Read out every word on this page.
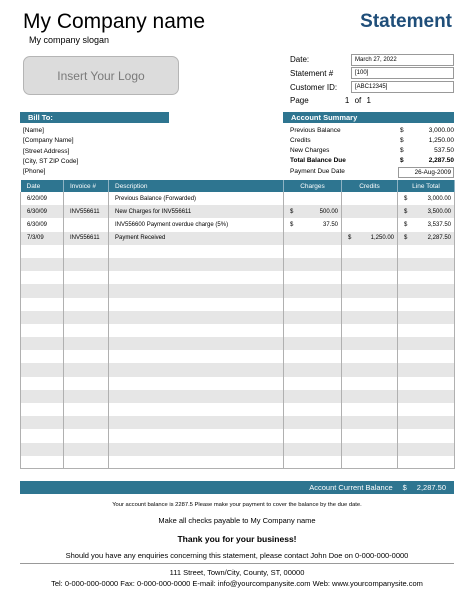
My Company name
My company slogan
Statement
Insert Your Logo
Date:	March 27, 2022
Statement #	[100]
Customer ID:	[ABC12345]
Page	1 of 1
Bill To:
[Name]
[Company Name]
[Street Address]
[City, ST ZIP Code]
[Phone]
Account Summary
Previous Balance	$	3,000.00
Credits	$	1,250.00
New Charges	$	537.50
Total Balance Due	$	2,287.50
Payment Due Date	26-Aug-2009
Date	Invoice #	Description	Charges	Credits	Line Total
6/20/09		Previous Balance (Forwarded)			$ 3,000.00

6/30/09	INV556611	New Charges for INV556611	$ 500.00		$ 3,500.00

6/30/09		INV556600 Payment overdue charge (5%)	$ 37.50		$ 3,537.50

7/3/09	INV556611	Payment Received		$ 1,250.00	$ 2,287.50

Account Current Balance $ 2,287.50
Your account balance is 2287.5 Please make your payment to cover the balance by the due date.
Make all checks payable to My Company name
Thank you for your business!
Should you have any enquiries concerning this statement, please contact John Doe on 0-000-000-0000
111 Street, Town/City, County, ST, 00000
Tel: 0-000-000-0000 Fax: 0-000-000-0000 E-mail: info@yourcompanysite.com Web: www.yourcompanysite.com
